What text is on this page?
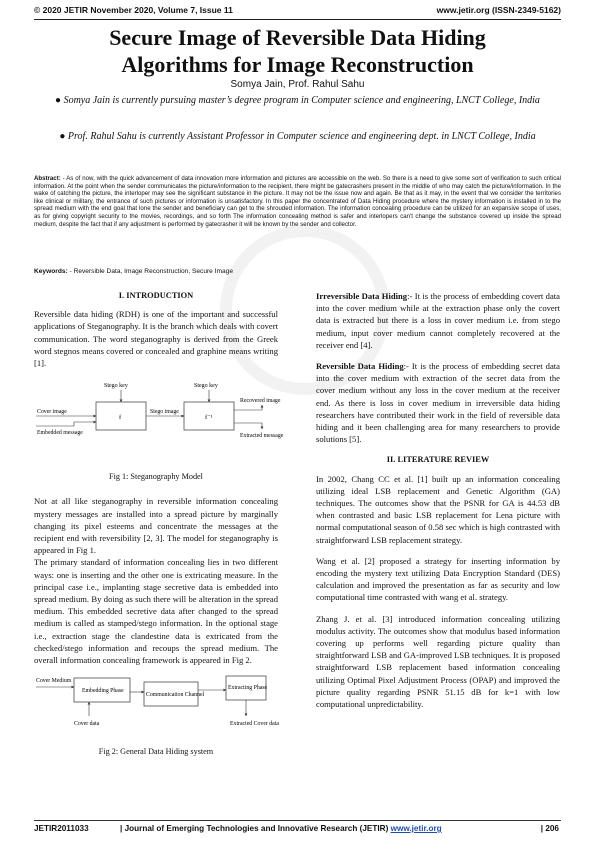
© 2020 JETIR November 2020, Volume 7, Issue 11	www.jetir.org (ISSN-2349-5162)
Secure Image of Reversible Data Hiding
Algorithms for Image Reconstruction
Somya Jain, Prof. Rahul Sahu
● Somya Jain is currently pursuing master’s degree program in Computer science and engineering, LNCT College, India
● Prof. Rahul Sahu is currently Assistant Professor in Computer science and engineering dept. in LNCT College, India
Abstract: - As of now, with the quick advancement of data innovation more information and pictures are accessible on the web. So there is a need to give some sort of verification to such critical information. At the point when the sender communicates the picture/information to the recipient, there might be gatecrashers present in the middle of who may catch the picture/information. In the wake of catching the picture, the interloper may see the significant substance in the picture. It may not be the issue now and again. Be that as it may, in the event that we consider the territories like clinical or military, the entrance of such pictures or information is unsatisfactory. In this paper the concentrated of Data Hiding procedure where the mystery information is installed in to the spread medium with the end goal that lone the sender and beneficiary can get to the shrouded information. The information concealing procedure can be utilized for an expansive scope of uses, as for giving copyright security to the movies, recordings, and so forth The information concealing method is safer and interlopers can't change the substance covered up inside the spread medium, despite the fact that if any adjustment is performed by gatecrasher it will be known by the sender and collector.
Keywords: - Reversible Data, Image Reconstruction, Secure Image
I. INTRODUCTION

Reversible data hiding (RDH) is one of the important and successful applications of Steganography. It is the branch which deals with covert communication. The word steganography is derived from the Greek word stegnos means covered or concealed and graphine means writing [1].

Stego key	Stego key
Cover image
Embedded message
Stego image
Recovered image
Extracted message
f	f⁻¹
Fig 1: Steganography Model

Not at all like steganography in reversible information concealing mystery messages are installed into a spread picture by marginally changing its pixel esteems and concentrate the messages at the recipient end with reversibility [2, 3]. The model for steganography is appeared in Fig 1.

The primary standard of information concealing lies in two different ways: one is inserting and the other one is extricating measure. In the principal case i.e., implanting stage secretive data is embedded into spread medium. By doing as such there will be alteration in the spread medium. This embedded secretive data after changed to the spread medium is called as stamped/stego information. In the optional stage i.e., extraction stage the clandestine data is extricated from the checked/stego information and recoups the spread medium. The overall information concealing framework is appeared in Fig 2.

Cover Medium
Embedding Phase
Communication Channel
Extracting Phase
Cover data	Extracted Cover data
Fig 2: General Data Hiding system

Irreversible Data Hiding:- It is the process of embedding covert data into the cover medium while at the extraction phase only the covert data is extracted but there is a loss in cover medium i.e. from stego medium, input cover medium cannot completely recovered at the receiver end [4].

Reversible Data Hiding:- It is the process of embedding secret data into the cover medium with extraction of the secret data from the cover medium without any loss in the cover medium at the receiver end. As there is loss in cover medium in irreversible data hiding researchers have contributed their work in the field of reversible data hiding and it been challenging area for many researchers to provide solutions [5].

II. LITERATURE REVIEW

In 2002, Chang CC et al. [1] built up an information concealing utilizing ideal LSB replacement and Genetic Algorithm (GA) techniques. The outcomes show that the PSNR for GA is 44.53 dB when contrasted and basic LSB replacement for Lena picture with normal computational season of 0.58 sec which is high contrasted with straightforward LSB replacement strategy.

Wang et al. [2] proposed a strategy for inserting information by encoding the mystery text utilizing Data Encryption Standard (DES) calculation and improved the presentation as far as security and low computational time contrasted with wang et al. strategy.

Zhang J. et al. [3] introduced information concealing utilizing modulus activity. The outcomes show that modulus based information covering up performs well regarding picture quality than straightforward LSB and GA-improved LSB techniques. It is proposed straightforward LSB replacement based information concealing utilizing Optimal Pixel Adjustment Process (OPAP) and improved the picture quality regarding PSNR 51.15 dB for k=1 with low computational unpredictability.

JETIR2011033	| Journal of Emerging Technologies and Innovative Research (JETIR) www.jetir.org	| 206
